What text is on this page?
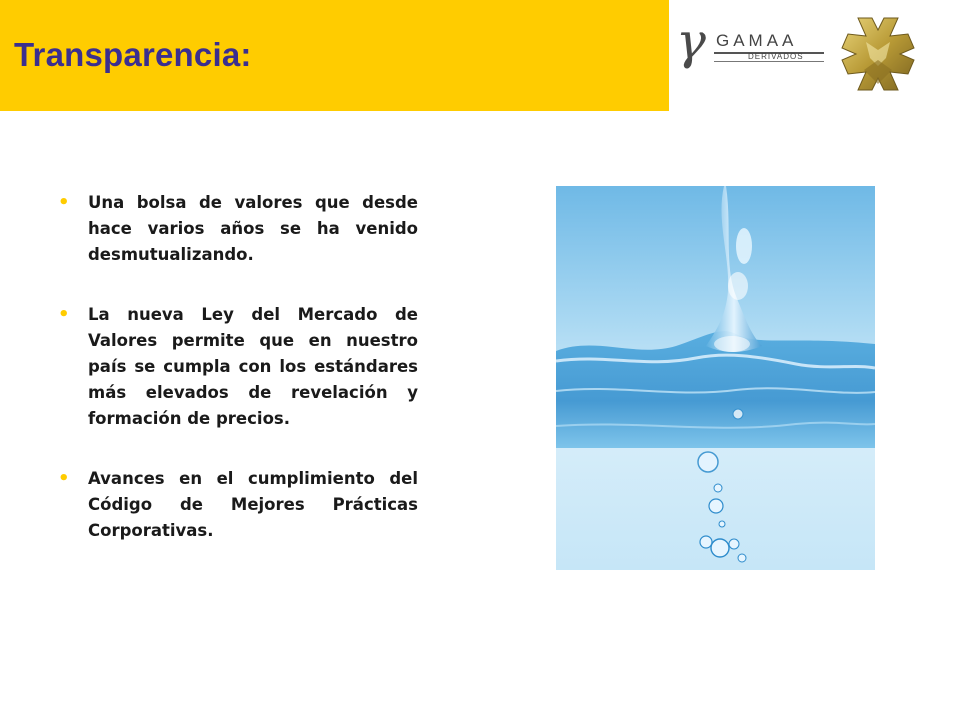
Transparencia:	γ GAMAA
DERIVADOS

• Una bolsa de valores que desde hace varios años se ha venido desmutualizando.

• La nueva Ley del Mercado de Valores permite que en nuestro país se cumpla con los estándares más elevados de revelación y formación de precios.

• Avances en el cumplimiento del Código de Mejores Prácticas Corporativas.
